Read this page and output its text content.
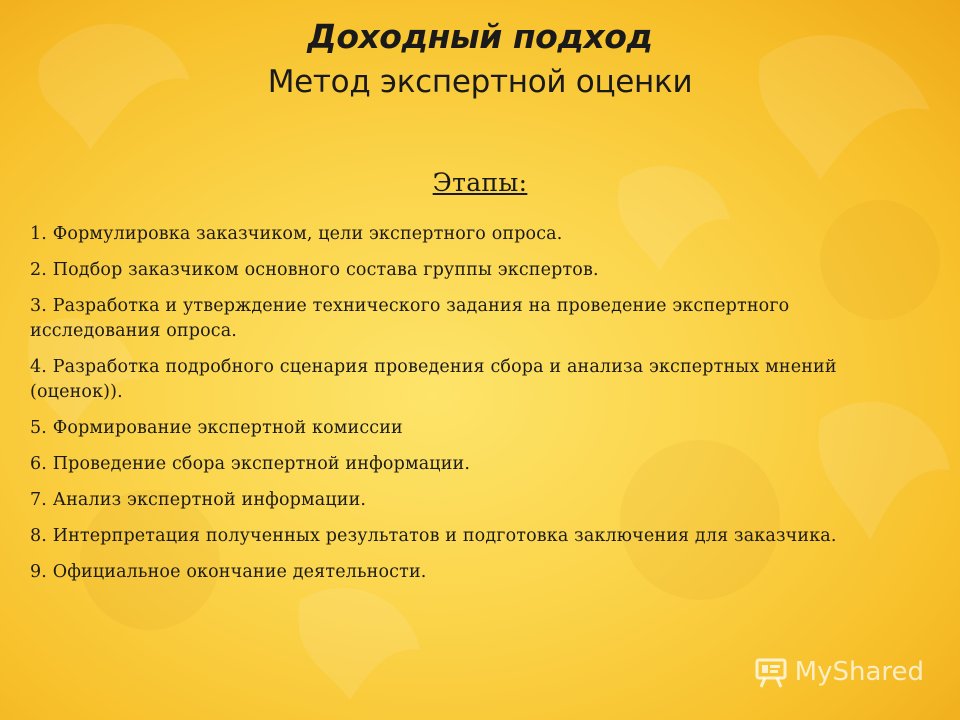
Доходный подход
Метод экспертной оценки
Этапы:
1. Формулировка заказчиком, цели экспертного опроса.
2. Подбор заказчиком основного состава группы экспертов.
3. Разработка и утверждение технического задания на проведение экспертного исследования опроса.
4. Разработка подробного сценария проведения сбора и анализа экспертных мнений (оценок)).
5. Формирование экспертной комиссии
6. Проведение сбора экспертной информации.
7. Анализ экспертной информации.
8. Интерпретация полученных результатов и подготовка заключения для заказчика.
9. Официальное окончание деятельности.
MyShared
